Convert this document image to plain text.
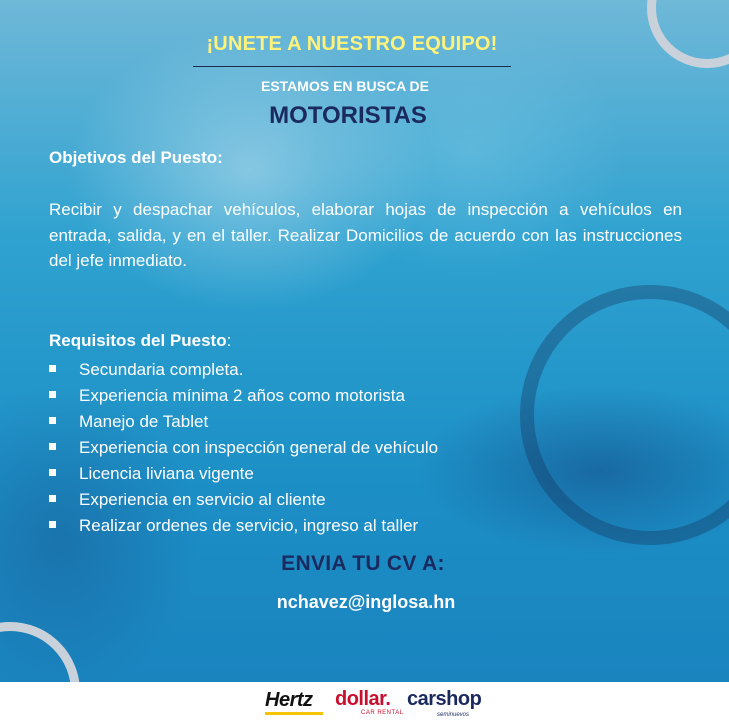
¡UNETE A NUESTRO EQUIPO!
ESTAMOS EN BUSCA DE
MOTORISTAS
Objetivos del Puesto:

Recibir y despachar vehículos, elaborar hojas de inspección a vehículos en entrada, salida, y en el taller. Realizar Domicilios de acuerdo con las instrucciones del jefe inmediato.

Requisitos del Puesto:
Secundaria completa.
Experiencia mínima 2 años como motorista
Manejo de Tablet
Experiencia con inspección general de vehículo
Licencia liviana vigente
Experiencia en servicio al cliente
Realizar ordenes de servicio, ingreso al taller
ENVIA TU CV A:
nchavez@inglosa.hn
Hertz dollar.
CAR RENTAL
carshop
seminuevos
